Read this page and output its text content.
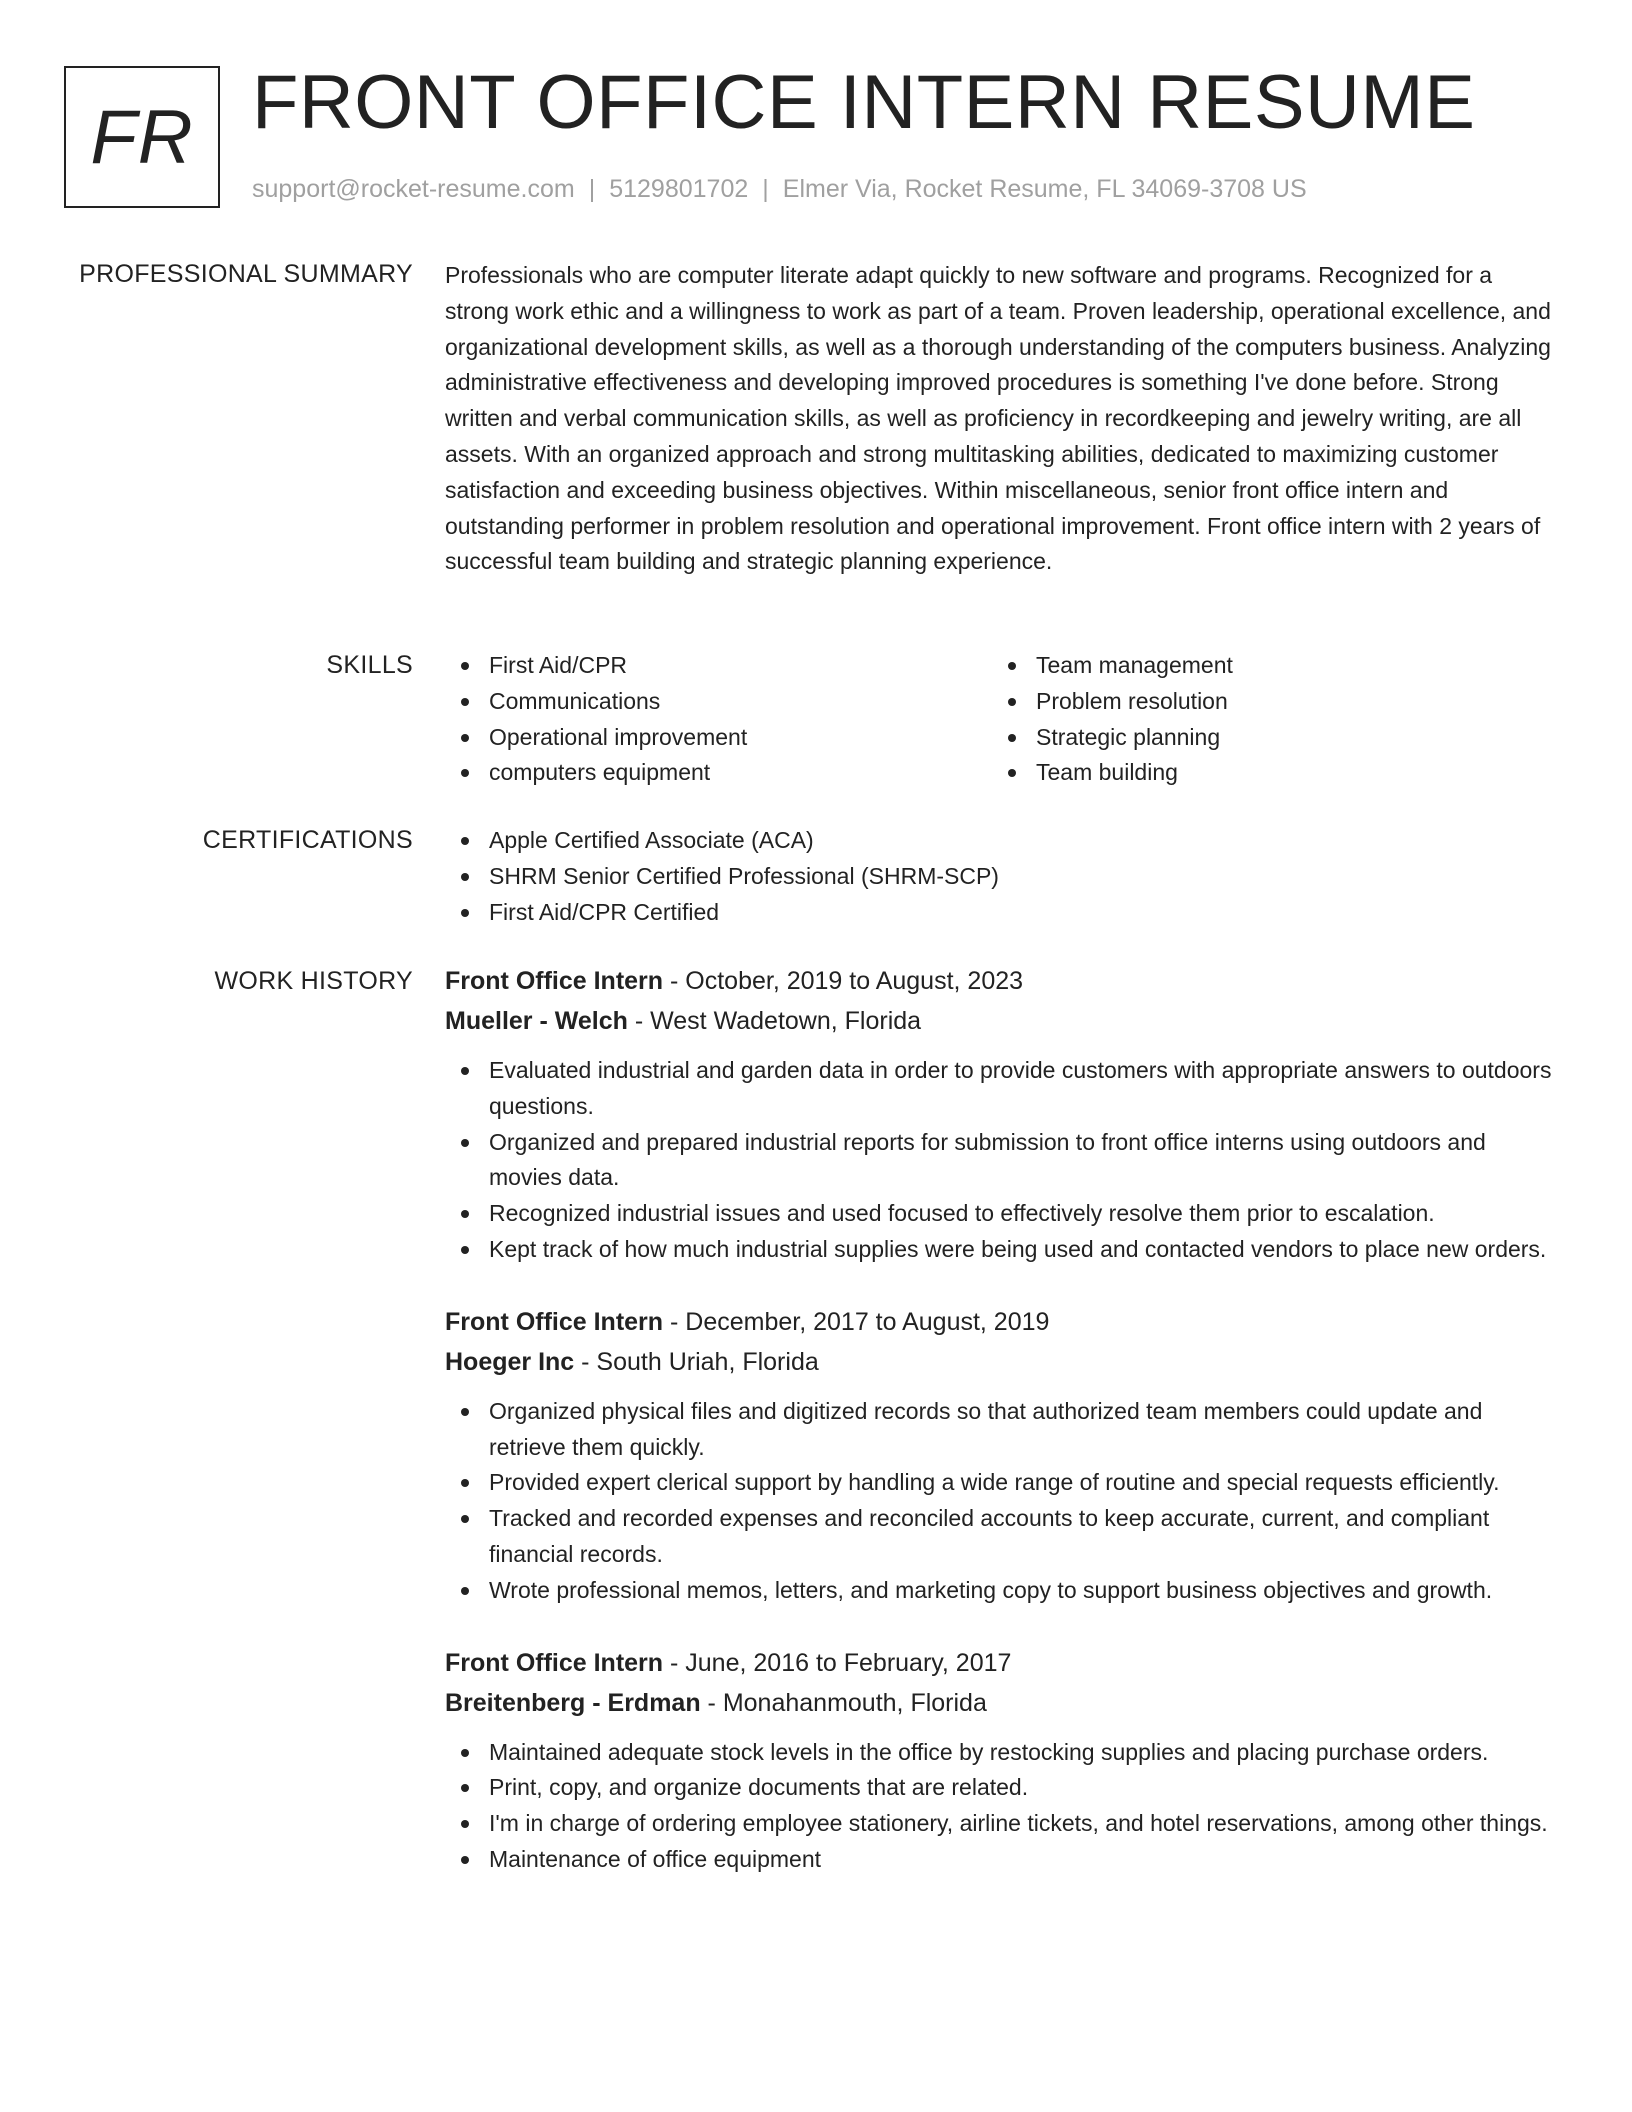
FR FRONT OFFICE INTERN RESUME
support@rocket-resume.com | 5129801702 | Elmer Via, Rocket Resume, FL 34069-3708 US
PROFESSIONAL SUMMARY Professionals who are computer literate adapt quickly to new software and programs. Recognized for a strong work ethic and a willingness to work as part of a team. Proven leadership, operational excellence, and organizational development skills, as well as a thorough understanding of the computers business. Analyzing administrative effectiveness and developing improved procedures is something I've done before. Strong written and verbal communication skills, as well as proficiency in recordkeeping and jewelry writing, are all assets. With an organized approach and strong multitasking abilities, dedicated to maximizing customer satisfaction and exceeding business objectives. Within miscellaneous, senior front office intern and outstanding performer in problem resolution and operational improvement. Front office intern with 2 years of successful team building and strategic planning experience.
SKILLS	First Aid/CPR
Communications
Operational improvement
computers equipment
Team management
Problem resolution
Strategic planning
Team building
CERTIFICATIONS	Apple Certified Associate (ACA)
SHRM Senior Certified Professional (SHRM-SCP)
First Aid/CPR Certified
WORK HISTORY Front Office Intern - October, 2019 to August, 2023
Mueller - Welch - West Wadetown, Florida
Evaluated industrial and garden data in order to provide customers with appropriate answers to outdoors questions.
Organized and prepared industrial reports for submission to front office interns using outdoors and movies data.
Recognized industrial issues and used focused to effectively resolve them prior to escalation.
Kept track of how much industrial supplies were being used and contacted vendors to place new orders.
Front Office Intern - December, 2017 to August, 2019
Hoeger Inc - South Uriah, Florida
Organized physical files and digitized records so that authorized team members could update and retrieve them quickly.
Provided expert clerical support by handling a wide range of routine and special requests efficiently.
Tracked and recorded expenses and reconciled accounts to keep accurate, current, and compliant financial records.
Wrote professional memos, letters, and marketing copy to support business objectives and growth.
Front Office Intern - June, 2016 to February, 2017
Breitenberg - Erdman - Monahanmouth, Florida
Maintained adequate stock levels in the office by restocking supplies and placing purchase orders.
Print, copy, and organize documents that are related.
I'm in charge of ordering employee stationery, airline tickets, and hotel reservations, among other things.
Maintenance of office equipment
